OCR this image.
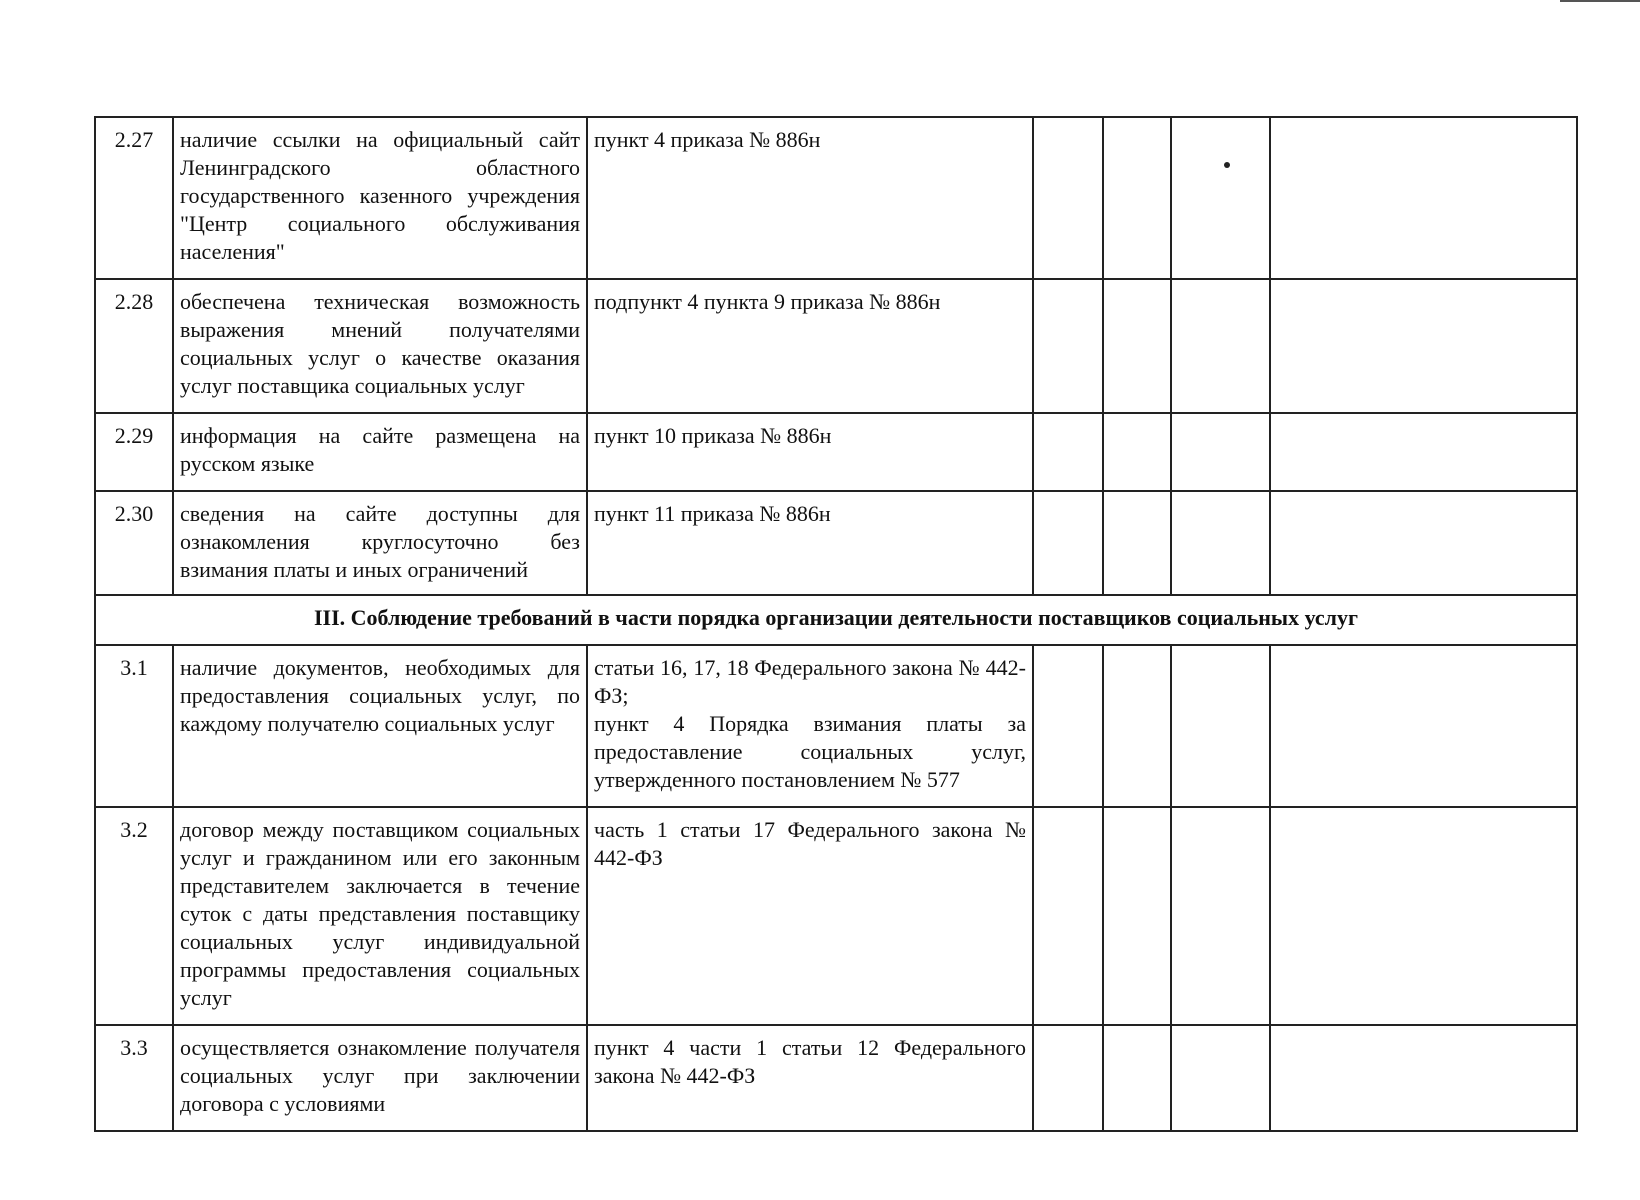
2.27	наличие ссылки на официальный сайт Ленинградского областного государственного казенного учреждения "Центр социального обслуживания населения"	пункт 4 приказа № 886н				
2.28	обеспечена техническая возможность выражения мнений получателями социальных услуг о качестве оказания услуг поставщика социальных услуг	подпункт 4 пункта 9 приказа № 886н				
2.29	информация на сайте размещена на русском языке	пункт 10 приказа № 886н				
2.30	сведения на сайте доступны для ознакомления круглосуточно без взимания платы и иных ограничений	пункт 11 приказа № 886н				
III. Соблюдение требований в части порядка организации деятельности поставщиков социальных услуг						
3.1	наличие документов, необходимых для предоставления социальных услуг, по каждому получателю социальных услуг	статьи 16, 17, 18 Федерального закона № 442-ФЗ;
пункт 4 Порядка взимания платы за предоставление социальных услуг, утвержденного постановлением № 577				

3.2	договор между поставщиком социальных услуг и гражданином или его законным представителем заключается в течение суток с даты представления поставщику социальных услуг индивидуальной программы предоставления социальных услуг	часть 1 статьи 17 Федерального закона № 442-ФЗ				
3.3	осуществляется ознакомление получателя социальных услуг при заключении договора с условиями	пункт 4 части 1 статьи 12 Федерального закона № 442-ФЗ				
